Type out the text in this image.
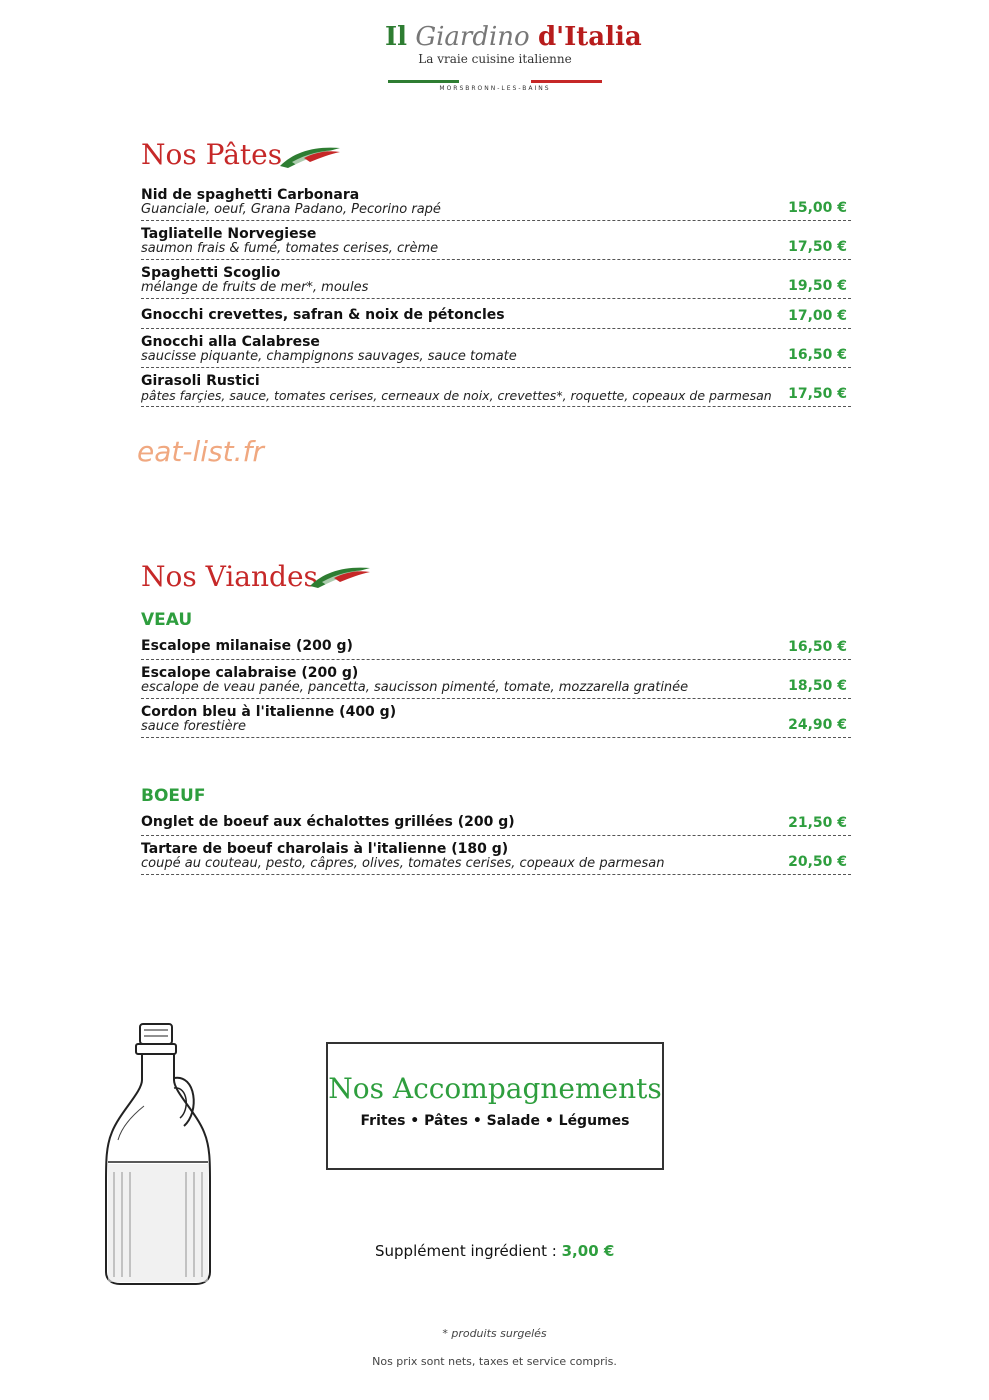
Il Giardino d'Italia
La vraie cuisine italienne
MORSBRONN-LES-BAINS
Nos Pâtes
Nid de spaghetti Carbonara
Guanciale, oeuf, Grana Padano, Pecorino rapé	15,00 €
Tagliatelle Norvegiese
saumon frais & fumé, tomates cerises, crème	17,50 €
Spaghetti Scoglio
mélange de fruits de mer*, moules	19,50 €
Gnocchi crevettes, safran & noix de pétoncles	17,00 €
Gnocchi alla Calabrese
saucisse piquante, champignons sauvages, sauce tomate	16,50 €
Girasoli Rustici
pâtes farçies, sauce, tomates cerises, cerneaux de noix, crevettes*, roquette, copeaux de parmesan	17,50 €
eat-list.fr
Nos Viandes
VEAU
Escalope milanaise (200 g)	16,50 €
Escalope calabraise (200 g)
escalope de veau panée, pancetta, saucisson pimenté, tomate, mozzarella gratinée	18,50 €
Cordon bleu à l'italienne (400 g)
sauce forestière	24,90 €
BOEUF
Onglet de boeuf aux échalottes grillées (200 g)	21,50 €
Tartare de boeuf charolais à l'italienne (180 g)
coupé au couteau, pesto, câpres, olives, tomates cerises, copeaux de parmesan	20,50 €
Nos Accompagnements
Frites • Pâtes • Salade • Légumes
Supplément ingrédient : 3,00 €
* produits surgelés
Nos prix sont nets, taxes et service compris.
